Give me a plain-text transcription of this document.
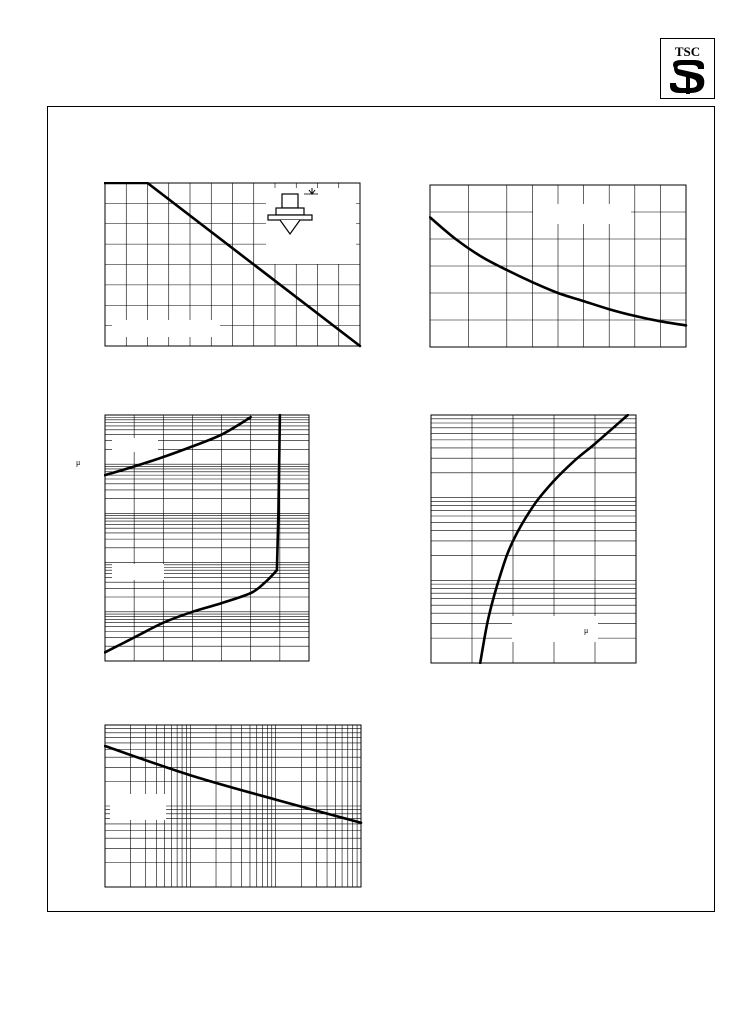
TSC
μ
μ
